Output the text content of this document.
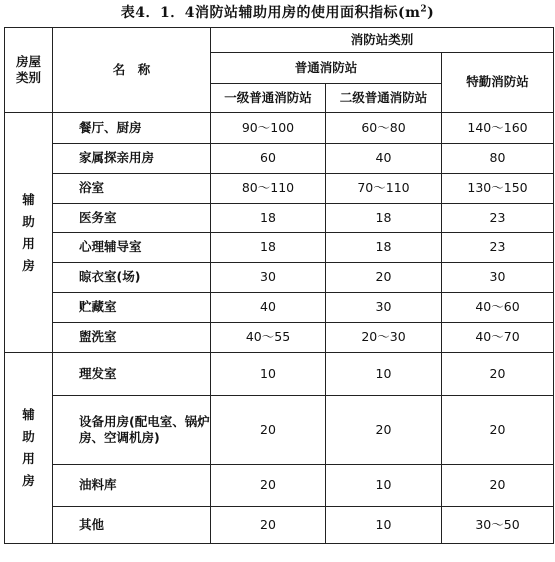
表4．1．4消防站辅助用房的使用面积指标$(m^2)$
房屋
类别	名　称	消防站类别		
		普通消防站		特勤消防站
		一级普通消防站	二级普通消防站	
辅助用房	餐厅、厨房	90～100	60～80	140～160
	家属探亲用房	60	40	80
	浴室	80～110	70～110	130～150
	医务室	18	18	23
	心理辅导室	18	18	23
	晾衣室(场)	30	20	30
	贮藏室	40	30	40～60
	盥洗室	40～55	20～30	40～70
辅助用房	理发室	10	10	20
	设备用房(配电室、锅炉房、空调机房)	20	20	20
	油料库	20	10	20
	其他	20	10	30～50
